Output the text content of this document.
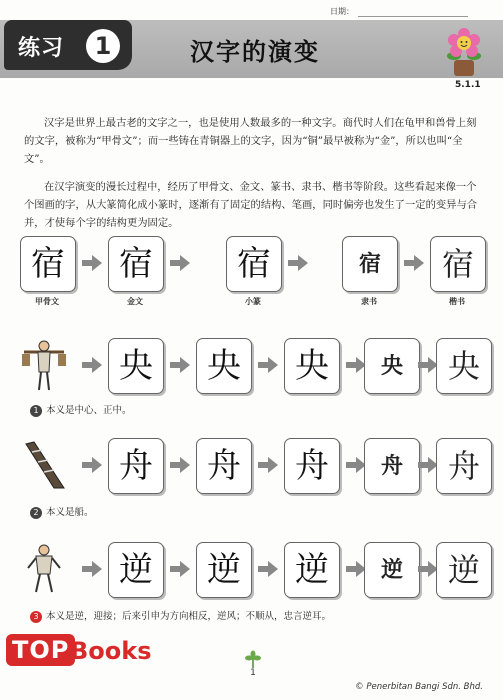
日期：
练习	1	汉字的演变
5.1.1

汉字是世界上最古老的文字之一，也是使用人数最多的一种文字。商代时人们在龟甲和兽骨上刻的文字，被称为“甲骨文”；而一些铸在青铜器上的文字，因为“铜”最早被称为“金”，所以也叫“全文”。

在汉字演变的漫长过程中，经历了甲骨文、金文、篆书、隶书、楷书等阶段。这些看起来像一个个图画的字，从大篆简化成小篆时，逐渐有了固定的结构、笔画，同时偏旁也发生了一定的变异与合并，才使每个字的结构更为固定。

宿	宿	宿	宿	宿
甲骨文	金文	小篆	隶书	楷书
央	央	央	央	央
1 本义是中心、正中。
舟	舟	舟	舟	舟
2 本义是船。
逆	逆	逆	逆	逆
3 本义是逆，迎接；后来引申为方向相反，逆风；不顺从，忠言逆耳。
TOP Books
1
© Penerbitan Bangi Sdn. Bhd.
